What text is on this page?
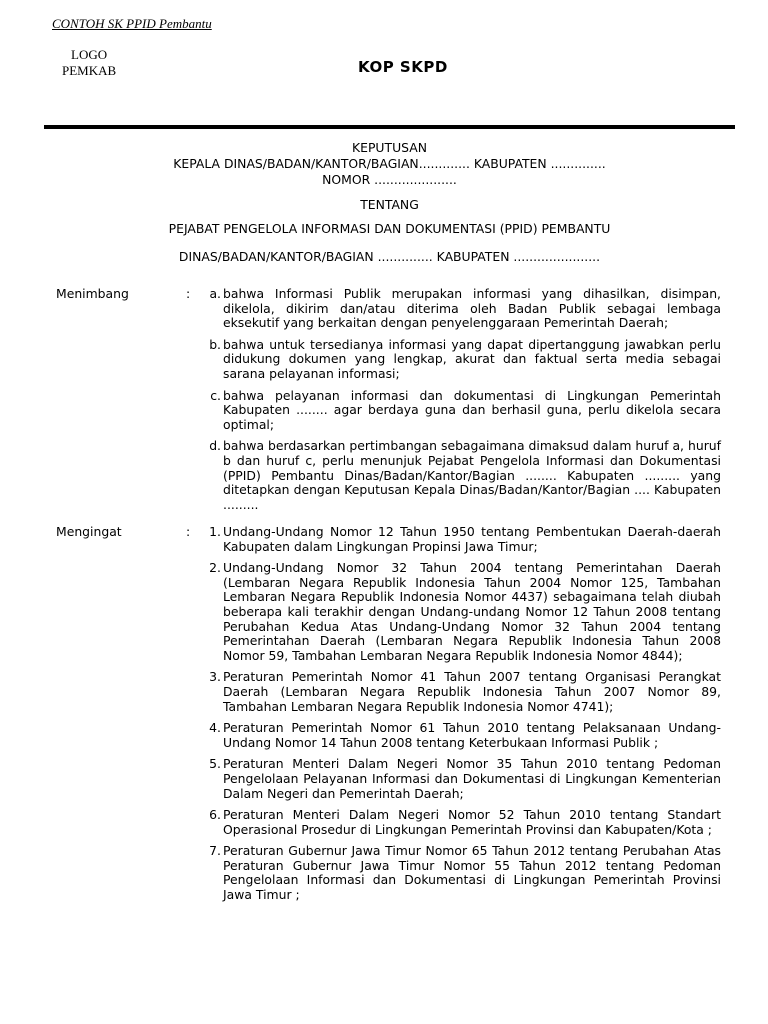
CONTOH SK PPID Pembantu
LOGO
PEMKAB	KOP SKPD
KEPUTUSAN
KEPALA DINAS/BADAN/KANTOR/BAGIAN............. KABUPATEN ..............
NOMOR .....................
TENTANG
PEJABAT PENGELOLA INFORMASI DAN DOKUMENTASI (PPID) PEMBANTU
DINAS/BADAN/KANTOR/BAGIAN .............. KABUPATEN ......................
Menimbang	:	a. bahwa Informasi Publik merupakan informasi yang dihasilkan, disimpan, dikelola, dikirim dan/atau diterima oleh Badan Publik sebagai lembaga eksekutif yang berkaitan dengan penyelenggaraan Pemerintah Daerah;
b. bahwa untuk tersedianya informasi yang dapat dipertanggung jawabkan perlu didukung dokumen yang lengkap, akurat dan faktual serta media sebagai sarana pelayanan informasi;
c. bahwa pelayanan informasi dan dokumentasi di Lingkungan Pemerintah Kabupaten ........ agar berdaya guna dan berhasil guna, perlu dikelola secara optimal;
d. bahwa berdasarkan pertimbangan sebagaimana dimaksud dalam huruf a, huruf b dan huruf c, perlu menunjuk Pejabat Pengelola Informasi dan Dokumentasi (PPID) Pembantu Dinas/Badan/Kantor/Bagian ........ Kabupaten ......... yang ditetapkan dengan Keputusan Kepala Dinas/Badan/Kantor/Bagian .... Kabupaten .........
Mengingat	:	1. Undang-Undang Nomor 12 Tahun 1950 tentang Pembentukan Daerah-daerah Kabupaten dalam Lingkungan Propinsi Jawa Timur;
2. Undang-Undang Nomor 32 Tahun 2004 tentang Pemerintahan Daerah (Lembaran Negara Republik Indonesia Tahun 2004 Nomor 125, Tambahan Lembaran Negara Republik Indonesia Nomor 4437) sebagaimana telah diubah beberapa kali terakhir dengan Undang-undang Nomor 12 Tahun 2008 tentang Perubahan Kedua Atas Undang-Undang Nomor 32 Tahun 2004 tentang Pemerintahan Daerah (Lembaran Negara Republik Indonesia Tahun 2008 Nomor 59, Tambahan Lembaran Negara Republik Indonesia Nomor 4844);
3. Peraturan Pemerintah Nomor 41 Tahun 2007 tentang Organisasi Perangkat Daerah (Lembaran Negara Republik Indonesia Tahun 2007 Nomor 89, Tambahan Lembaran Negara Republik Indonesia Nomor 4741);
4. Peraturan Pemerintah Nomor 61 Tahun 2010 tentang Pelaksanaan Undang-Undang Nomor 14 Tahun 2008 tentang Keterbukaan Informasi Publik ;
5. Peraturan Menteri Dalam Negeri Nomor 35 Tahun 2010 tentang Pedoman Pengelolaan Pelayanan Informasi dan Dokumentasi di Lingkungan Kementerian Dalam Negeri dan Pemerintah Daerah;
6. Peraturan Menteri Dalam Negeri Nomor 52 Tahun 2010 tentang Standart Operasional Prosedur di Lingkungan Pemerintah Provinsi dan Kabupaten/Kota ;
7. Peraturan Gubernur Jawa Timur Nomor 65 Tahun 2012 tentang Perubahan Atas Peraturan Gubernur Jawa Timur Nomor 55 Tahun 2012 tentang Pedoman Pengelolaan Informasi dan Dokumentasi di Lingkungan Pemerintah Provinsi Jawa Timur ;
